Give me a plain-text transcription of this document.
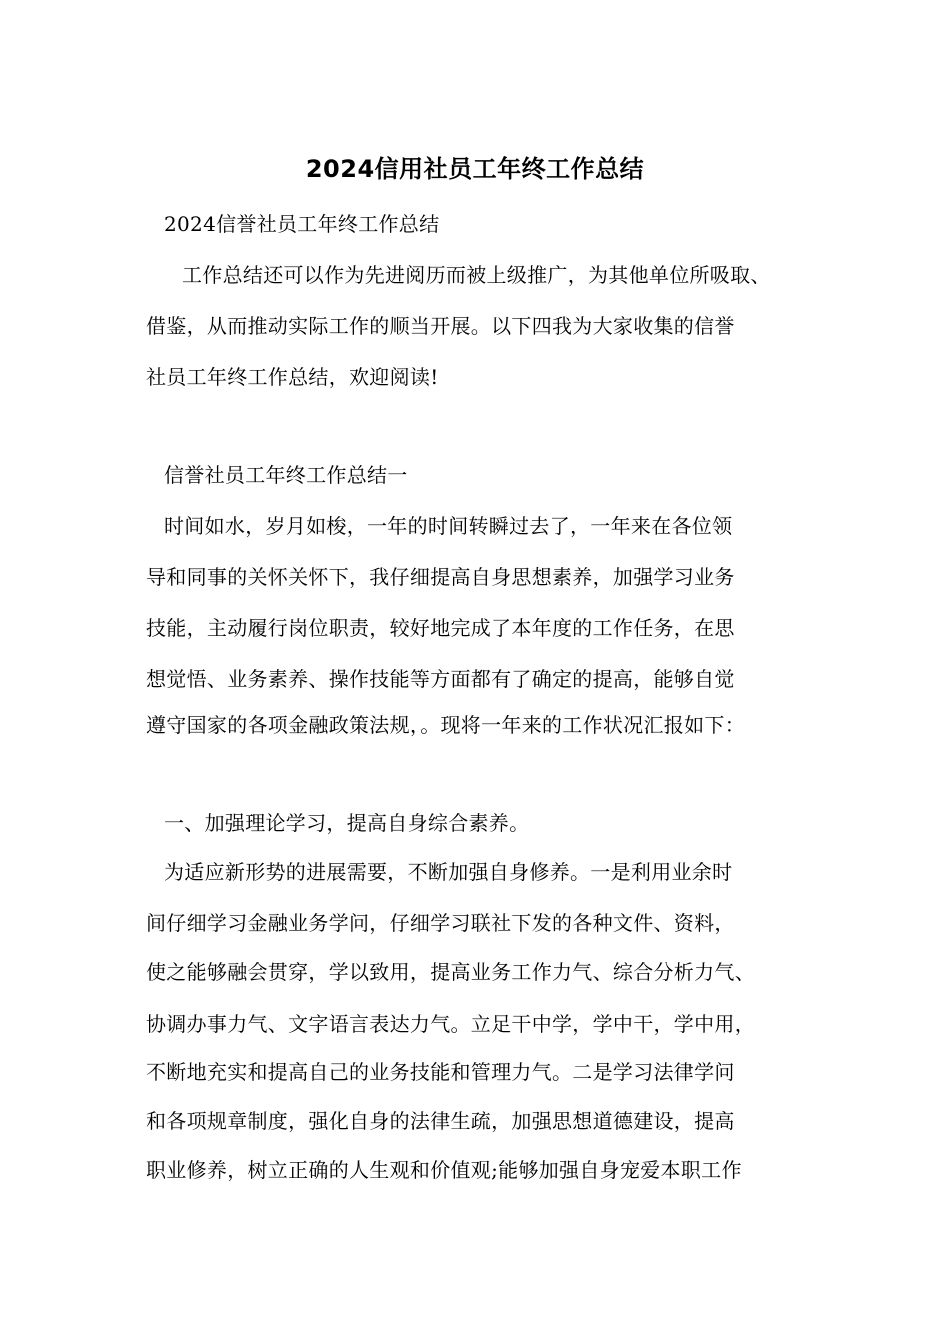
2024信用社员工年终工作总结
2024信誉社员工年终工作总结
工作总结还可以作为先进阅历而被上级推广，为其他单位所吸取、
借鉴，从而推动实际工作的顺当开展。以下四我为大家收集的信誉
社员工年终工作总结，欢迎阅读!
信誉社员工年终工作总结一
时间如水，岁月如梭，一年的时间转瞬过去了，一年来在各位领
导和同事的关怀关怀下，我仔细提高自身思想素养，加强学习业务
技能，主动履行岗位职责，较好地完成了本年度的工作任务，在思
想觉悟、业务素养、操作技能等方面都有了确定的提高，能够自觉
遵守国家的各项金融政策法规，。现将一年来的工作状况汇报如下：
一、加强理论学习，提高自身综合素养。
为适应新形势的进展需要，不断加强自身修养。一是利用业余时
间仔细学习金融业务学问，仔细学习联社下发的各种文件、资料，
使之能够融会贯穿，学以致用，提高业务工作力气、综合分析力气、
协调办事力气、文字语言表达力气。立足干中学，学中干，学中用，
不断地充实和提高自己的业务技能和管理力气。二是学习法律学问
和各项规章制度，强化自身的法律生疏，加强思想道德建设，提高
职业修养，树立正确的人生观和价值观;能够加强自身宠爱本职工作
